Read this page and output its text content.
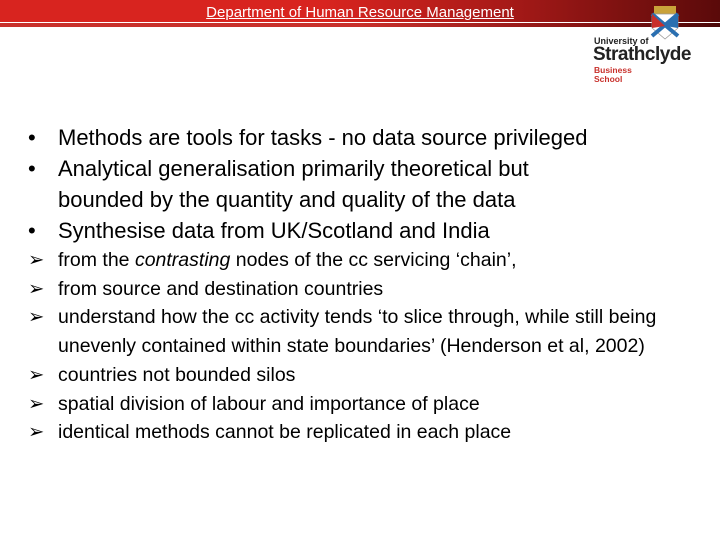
Department of Human Resource Management
University of
Strathclyde
Business
School
•	Methods are tools for tasks - no data source privileged
•	Analytical generalisation primarily theoretical but
bounded by the quantity and quality of the data
•	Synthesise data from UK/Scotland and India
➢ from the contrasting nodes of the cc servicing ‘chain’,
➢ from source and destination countries
➢ understand how the cc activity tends ‘to slice through, while still being unevenly contained within state boundaries’ (Henderson et al, 2002)
➢ countries not bounded silos
➢ spatial division of labour and importance of place
➢ identical methods cannot be replicated in each place
